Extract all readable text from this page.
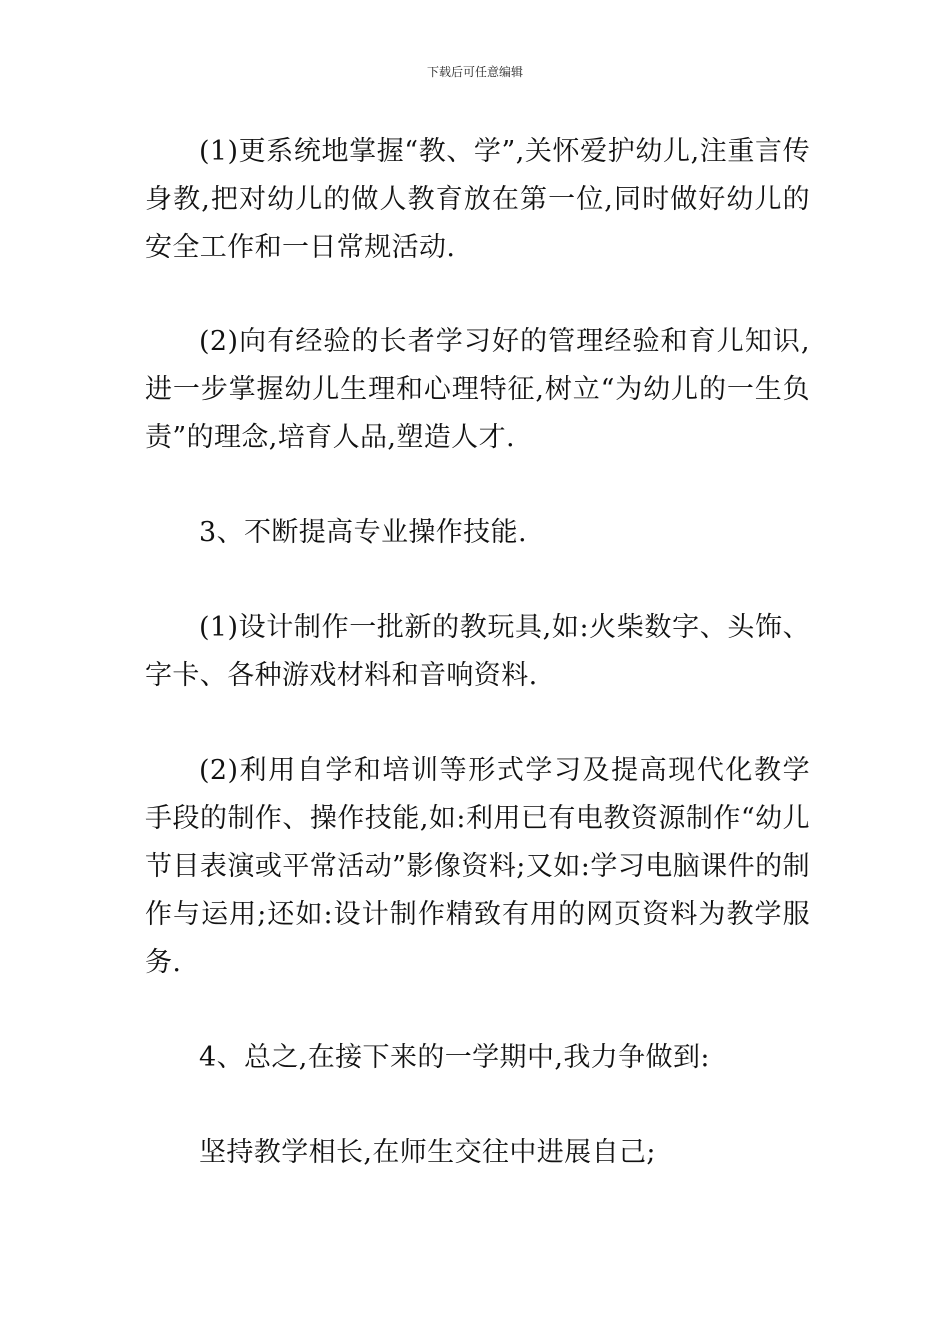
下载后可任意编辑

(1)更系统地掌握“教、学”,关怀爱护幼儿,注重言传身教,把对幼儿的做人教育放在第一位,同时做好幼儿的安全工作和一日常规活动.

(2)向有经验的长者学习好的管理经验和育儿知识,进一步掌握幼儿生理和心理特征,树立“为幼儿的一生负责”的理念,培育人品,塑造人才.

3、不断提高专业操作技能.

(1)设计制作一批新的教玩具,如:火柴数字、头饰、字卡、各种游戏材料和音响资料.

(2)利用自学和培训等形式学习及提高现代化教学手段的制作、操作技能,如:利用已有电教资源制作“幼儿节目表演或平常活动”影像资料;又如:学习电脑课件的制作与运用;还如:设计制作精致有用的网页资料为教学服务.

4、总之,在接下来的一学期中,我力争做到:

坚持教学相长,在师生交往中进展自己;
